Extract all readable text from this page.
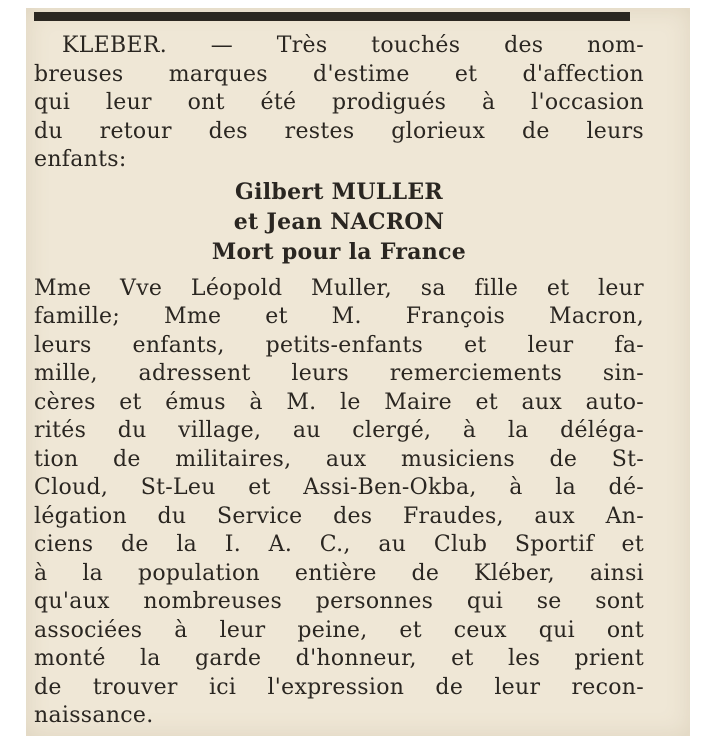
KLEBER. — Très touchés des nom-
breuses marques d'estime et d'affection
qui leur ont été prodigués à l'occasion
du retour des restes glorieux de leurs
enfants:
Gilbert MULLER
et Jean NACRON
Mort pour la France
Mme Vve Léopold Muller, sa fille et leur
famille; Mme et M. François Macron,
leurs enfants, petits-enfants et leur fa-
mille, adressent leurs remerciements sin-
cères et émus à M. le Maire et aux auto-
rités du village, au clergé, à la déléga-
tion de militaires, aux musiciens de St-
Cloud, St-Leu et Assi-Ben-Okba, à la dé-
légation du Service des Fraudes, aux An-
ciens de la I. A. C., au Club Sportif et
à la population entière de Kléber, ainsi
qu'aux nombreuses personnes qui se sont
associées à leur peine, et ceux qui ont
monté la garde d'honneur, et les prient
de trouver ici l'expression de leur recon-
naissance.
